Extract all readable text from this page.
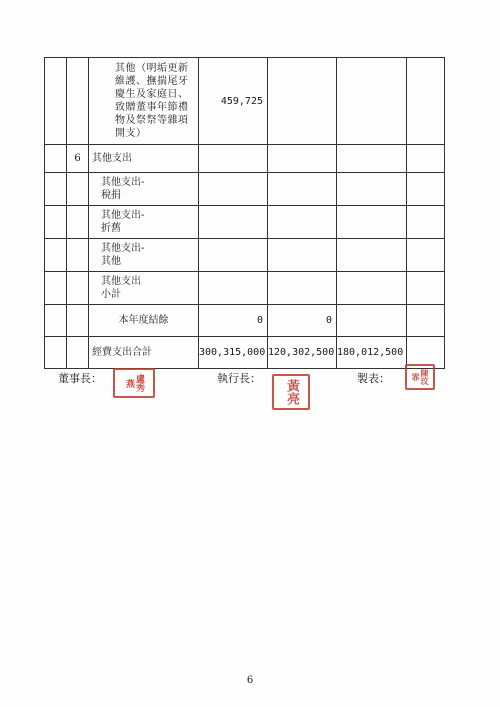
		其他（明垢更新維護、撫揣尾牙慶生及家庭日、致贈董事年節禮物及祭祭等雜項開支）	459,725			
	6	其他支出				
		其他支出-
稅捐				
		其他支出-
折舊				
		其他支出-
其他				
		其他支出
小計				
		本年度結餘	0	0		
		經費支出合計	300,315,000	120,302,500	180,012,500	
董事長：	盧秀燕	執行長：
黃亮
製表：	陳玟霏
6
